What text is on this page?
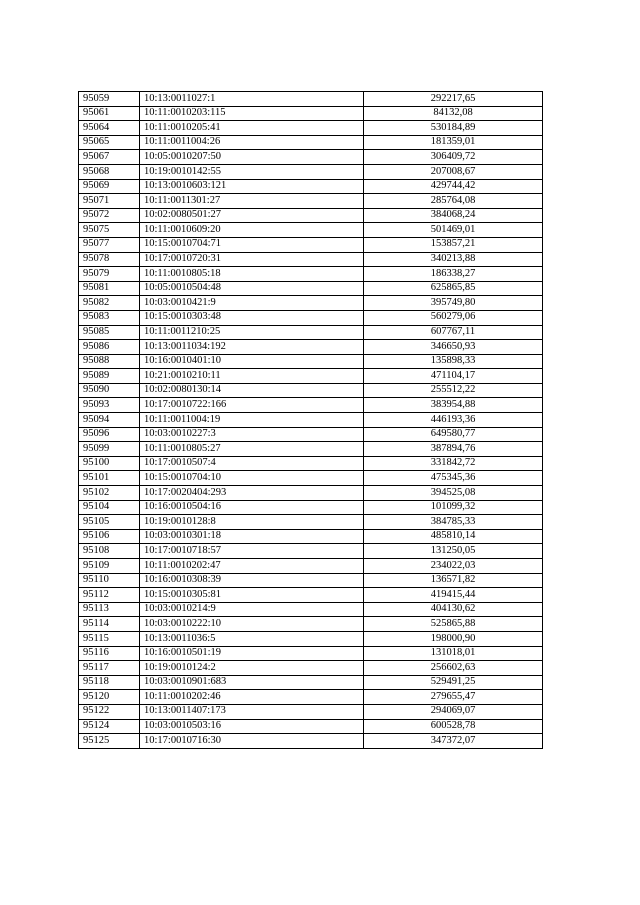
95059	10:13:0011027:1	292217,65
95061	10:11:0010203:115	84132,08
95064	10:11:0010205:41	530184,89
95065	10:11:0011004:26	181359,01
95067	10:05:0010207:50	306409,72
95068	10:19:0010142:55	207008,67
95069	10:13:0010603:121	429744,42
95071	10:11:0011301:27	285764,08
95072	10:02:0080501:27	384068,24
95075	10:11:0010609:20	501469,01
95077	10:15:0010704:71	153857,21
95078	10:17:0010720:31	340213,88
95079	10:11:0010805:18	186338,27
95081	10:05:0010504:48	625865,85
95082	10:03:0010421:9	395749,80
95083	10:15:0010303:48	560279,06
95085	10:11:0011210:25	607767,11
95086	10:13:0011034:192	346650,93
95088	10:16:0010401:10	135898,33
95089	10:21:0010210:11	471104,17
95090	10:02:0080130:14	255512,22
95093	10:17:0010722:166	383954,88
95094	10:11:0011004:19	446193,36
95096	10:03:0010227:3	649580,77
95099	10:11:0010805:27	387894,76
95100	10:17:0010507:4	331842,72
95101	10:15:0010704:10	475345,36
95102	10:17:0020404:293	394525,08
95104	10:16:0010504:16	101099,32
95105	10:19:0010128:8	384785,33
95106	10:03:0010301:18	485810,14
95108	10:17:0010718:57	131250,05
95109	10:11:0010202:47	234022,03
95110	10:16:0010308:39	136571,82
95112	10:15:0010305:81	419415,44
95113	10:03:0010214:9	404130,62
95114	10:03:0010222:10	525865,88
95115	10:13:0011036:5	198000,90
95116	10:16:0010501:19	131018,01
95117	10:19:0010124:2	256602,63
95118	10:03:0010901:683	529491,25
95120	10:11:0010202:46	279655,47
95122	10:13:0011407:173	294069,07
95124	10:03:0010503:16	600528,78
95125	10:17:0010716:30	347372,07
